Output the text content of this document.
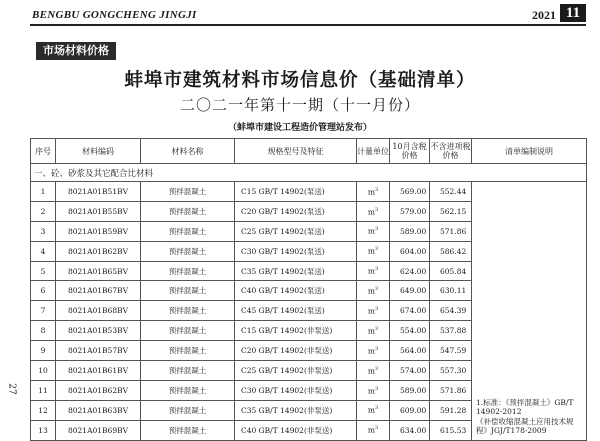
BENGBU GONGCHENG JINGJI	2021 11
市场材料价格
蚌埠市建筑材料市场信息价（基础清单）
二〇二一年第十一期（十一月份）
（蚌埠市建设工程造价管理站发布）
27
序号	材料编码	材料名称	规格型号及特征	计量单位	10月含税价格	不含进项税价格	清单编制说明
一、砼、砂浆及其它配合比材料							
1	8021A01B51BV	预拌混凝土	C15 GB/T 14902(泵送)	$m^3$	569.00	552.44	1.标准：《预拌混凝土》GB/T
14902-2012
《补偿收缩混凝土应用技术规程》JGJ/T178-2009

2	8021A01B55BV	预拌混凝土	C20 GB/T 14902(泵送)	$m^3$	579.00	562.15	
3	8021A01B59BV	预拌混凝土	C25 GB/T 14902(泵送)	$m^3$	589.00	571.86	
4	8021A01B62BV	预拌混凝土	C30 GB/T 14902(泵送)	$m^3$	604.00	586.42	
5	8021A01B65BV	预拌混凝土	C35 GB/T 14902(泵送)	$m^3$	624.00	605.84	
6	8021A01B67BV	预拌混凝土	C40 GB/T 14902(泵送)	$m^3$	649.00	630.11	
7	8021A01B68BV	预拌混凝土	C45 GB/T 14902(泵送)	$m^3$	674.00	654.39	
8	8021A01B53BV	预拌混凝土	C15 GB/T 14902(非泵送)	$m^3$	554.00	537.88	
9	8021A01B57BV	预拌混凝土	C20 GB/T 14902(非泵送)	$m^3$	564.00	547.59	
10	8021A01B61BV	预拌混凝土	C25 GB/T 14902(非泵送)	$m^3$	574.00	557.30	
11	8021A01B62BV	预拌混凝土	C30 GB/T 14902(非泵送)	$m^3$	589.00	571.86	
12	8021A01B63BV	预拌混凝土	C35 GB/T 14902(非泵送)	$m^3$	609.00	591.28	
13	8021A01B69BV	预拌混凝土	C40 GB/T 14902(非泵送)	$m^3$	634.00	615.53	
